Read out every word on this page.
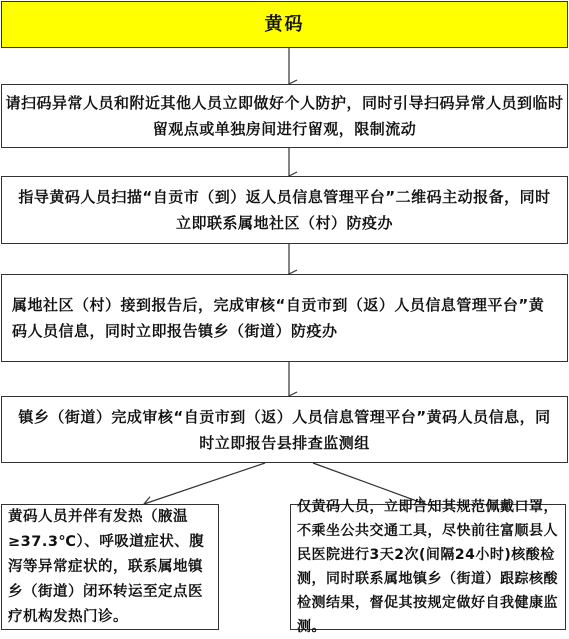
黄码
请扫码异常人员和附近其他人员立即做好个人防护，同时引导扫码异常人员到临时留观点或单独房间进行留观，限制流动
指导黄码人员扫描“自贡市（到）返人员信息管理平台”二维码主动报备，同时立即联系属地社区（村）防疫办
属地社区（村）接到报告后，完成审核“自贡市到（返）人员信息管理平台”黄码人员信息，同时立即报告镇乡（街道）防疫办
镇乡（街道）完成审核“自贡市到（返）人员信息管理平台”黄码人员信息，同时立即报告县排查监测组
黄码人员并伴有发热（腋温≥37.3℃）、呼吸道症状、腹泻等异常症状的，联系属地镇乡（街道）闭环转运至定点医疗机构发热门诊。
仅黄码人员，立即告知其规范佩戴口罩，不乘坐公共交通工具，尽快前往富顺县人民医院进行3天2次(间隔24小时)核酸检测，同时联系属地镇乡（街道）跟踪核酸检测结果，督促其按规定做好自我健康监测。
